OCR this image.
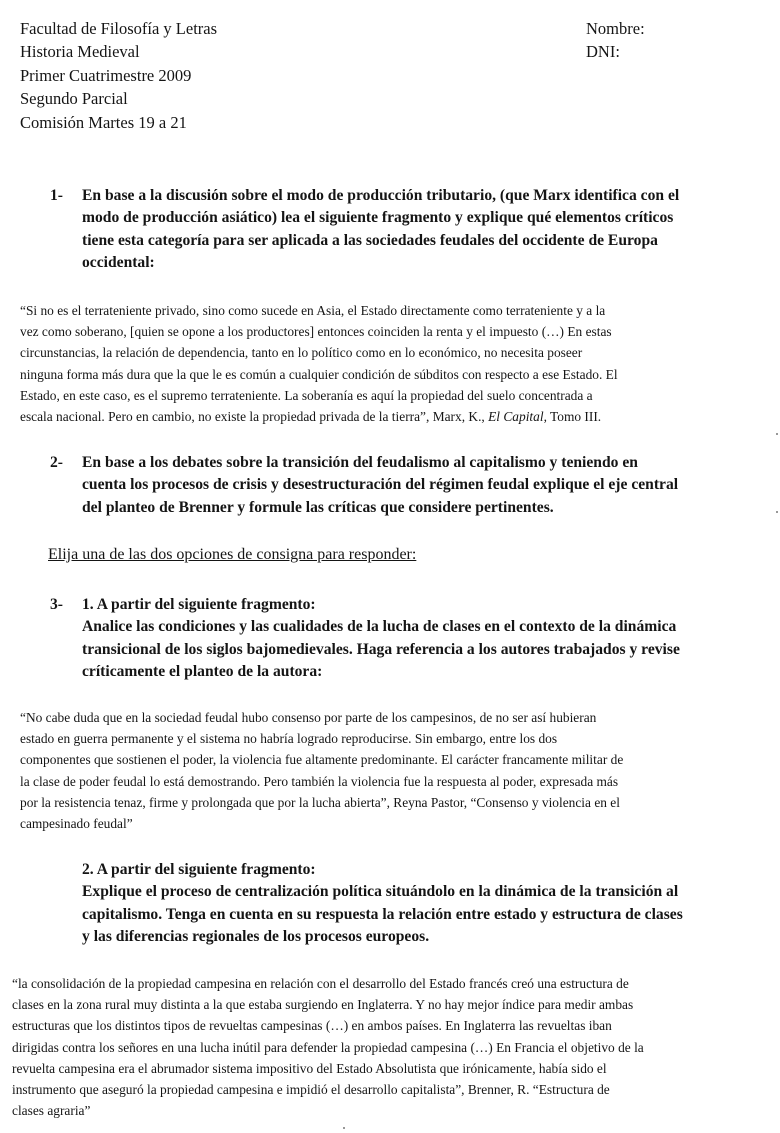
Facultad de Filosofía y Letras
Historia Medieval
Primer Cuatrimestre 2009
Segundo Parcial
Comisión Martes 19 a 21
Nombre:
DNI:
1- En base a la discusión sobre el modo de producción tributario, (que Marx identifica con el
modo de producción asiático) lea el siguiente fragmento y explique qué elementos críticos
tiene esta categoría para ser aplicada a las sociedades feudales del occidente de Europa
occidental:
“Si no es el terrateniente privado, sino como sucede en Asia, el Estado directamente como terrateniente y a la
vez como soberano, [quien se opone a los productores] entonces coinciden la renta y el impuesto (…) En estas
circunstancias, la relación de dependencia, tanto en lo político como en lo económico, no necesita poseer
ninguna forma más dura que la que le es común a cualquier condición de súbditos con respecto a ese Estado. El
Estado, en este caso, es el supremo terrateniente. La soberanía es aquí la propiedad del suelo concentrada a
escala nacional. Pero en cambio, no existe la propiedad privada de la tierra”, Marx, K., El Capital, Tomo III.
2- En base a los debates sobre la transición del feudalismo al capitalismo y teniendo en
cuenta los procesos de crisis y desestructuración del régimen feudal explique el eje central
del planteo de Brenner y formule las críticas que considere pertinentes.
Elija una de las dos opciones de consigna para responder:
3- 1. A partir del siguiente fragmento:
Analice las condiciones y las cualidades de la lucha de clases en el contexto de la dinámica
transicional de los siglos bajomedievales. Haga referencia a los autores trabajados y revise
críticamente el planteo de la autora:
“No cabe duda que en la sociedad feudal hubo consenso por parte de los campesinos, de no ser así hubieran
estado en guerra permanente y el sistema no habría logrado reproducirse. Sin embargo, entre los dos
componentes que sostienen el poder, la violencia fue altamente predominante. El carácter francamente militar de
la clase de poder feudal lo está demostrando. Pero también la violencia fue la respuesta al poder, expresada más
por la resistencia tenaz, firme y prolongada que por la lucha abierta”, Reyna Pastor, “Consenso y violencia en el
campesinado feudal”
2. A partir del siguiente fragmento:
Explique el proceso de centralización política situándolo en la dinámica de la transición al
capitalismo. Tenga en cuenta en su respuesta la relación entre estado y estructura de clases
y las diferencias regionales de los procesos europeos.
“la consolidación de la propiedad campesina en relación con el desarrollo del Estado francés creó una estructura de
clases en la zona rural muy distinta a la que estaba surgiendo en Inglaterra. Y no hay mejor índice para medir ambas
estructuras que los distintos tipos de revueltas campesinas (…) en ambos países. En Inglaterra las revueltas iban
dirigidas contra los señores en una lucha inútil para defender la propiedad campesina (…) En Francia el objetivo de la
revuelta campesina era el abrumador sistema impositivo del Estado Absolutista que irónicamente, había sido el
instrumento que aseguró la propiedad campesina e impidió el desarrollo capitalista”, Brenner, R. “Estructura de
clases agraria”
